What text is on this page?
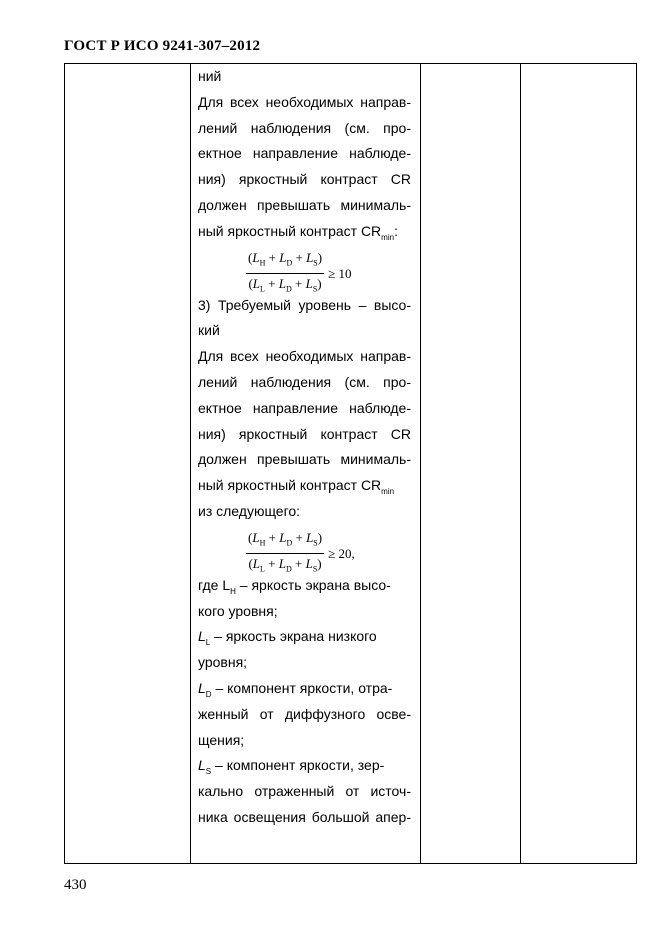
ГОСТ Р ИСО 9241-307–2012
ний
Для всех необходимых направ-
лений наблюдения (см. про-
ектное направление наблюде-
ния) яркостный контраст CR
должен превышать минималь-
ный яркостный контраст $CR_{min}$:
$\frac{(L_H + L_D + L_S)}{(L_L + L_D + L_S)} \ge 10$
3) Требуемый уровень – высо-
кий
Для всех необходимых направ-
лений наблюдения (см. про-
ектное направление наблюде-
ния) яркостный контраст CR
должен превышать минималь-
ный яркостный контраст $CR_{min}$
из следующего:
$\frac{(L_H + L_D + L_S)}{(L_L + L_D + L_S)} \ge 20$,
где $L_H$ – яркость экрана высо-
кого уровня;
$L_L$ – яркость экрана низкого
уровня;
$L_D$ – компонент яркости, отра-
женный от диффузного осве-
щения;
$L_S$ – компонент яркости, зер-
кально отраженный от источ-
ника освещения большой апер-
430
